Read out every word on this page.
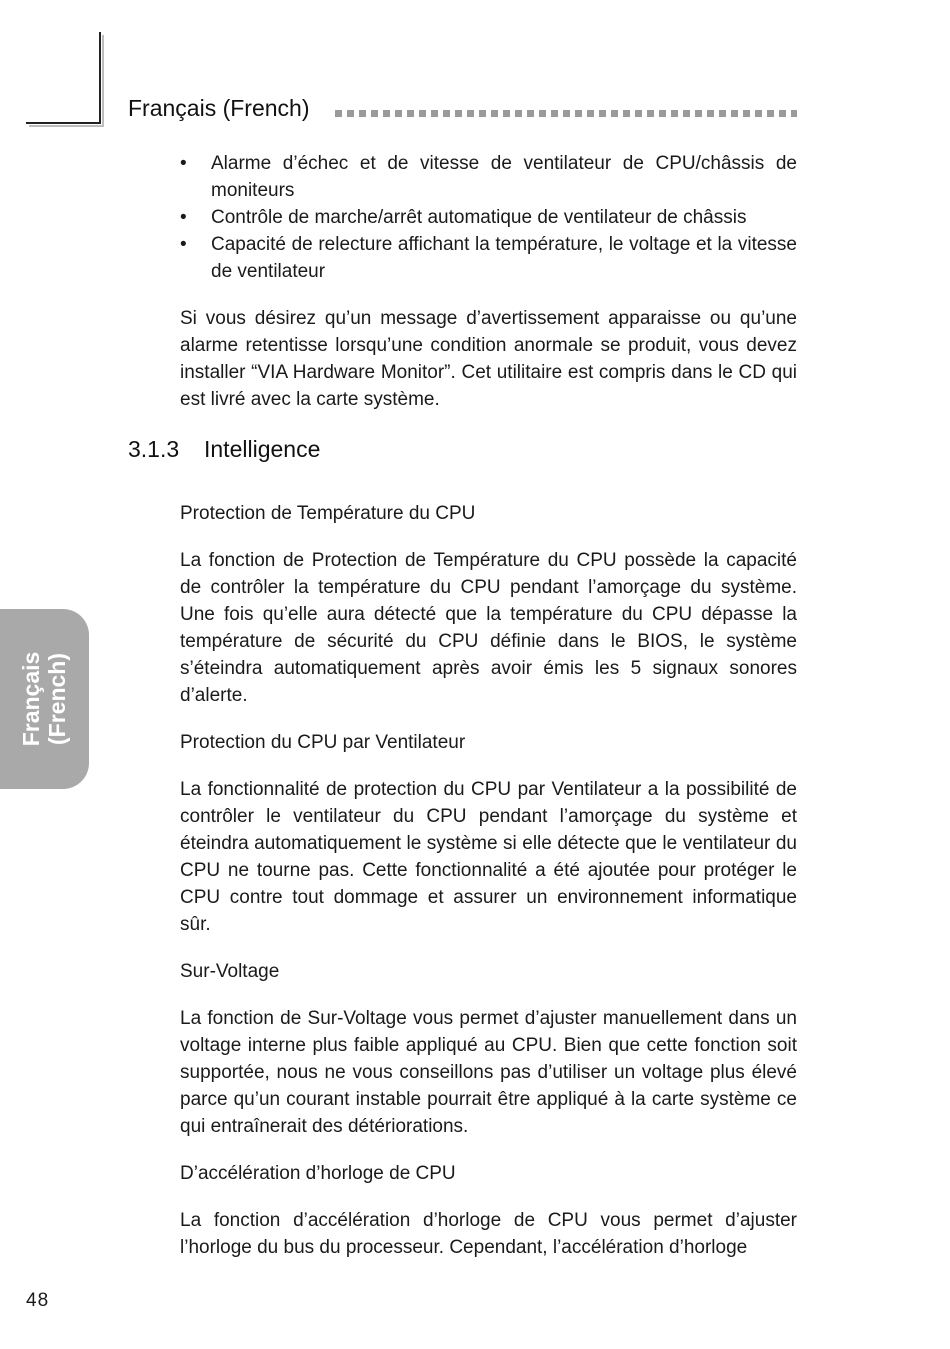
Français (French)
Français (French)
• Alarme d’échec et de vitesse de ventilateur de CPU/châssis de moniteurs
• Contrôle de marche/arrêt automatique de ventilateur de châssis
• Capacité de relecture affichant la température, le voltage et la vitesse de ventilateur

Si vous désirez qu’un message d’avertissement apparaisse ou qu’une alarme retentisse lorsqu’une condition anormale se produit, vous devez installer “VIA Hardware Monitor”. Cet utilitaire est compris dans le CD qui est livré avec la carte système.

Protection de Température du CPU

La fonction de Protection de Température du CPU possède la capacité de contrôler la température du CPU pendant l’amorçage du système. Une fois qu’elle aura détecté que la température du CPU dépasse la température de sécurité du CPU définie dans le BIOS, le système s’éteindra automatiquement après avoir émis les 5 signaux sonores d’alerte.

Protection du CPU par Ventilateur

La fonctionnalité de protection du CPU par Ventilateur a la possibilité de contrôler le ventilateur du CPU pendant l’amorçage du système et éteindra automatiquement le système si elle détecte que le ventilateur du CPU ne tourne pas. Cette fonctionnalité a été ajoutée pour protéger le CPU contre tout dommage et assurer un environnement informatique sûr.

Sur-Voltage

La fonction de Sur-Voltage vous permet d’ajuster manuellement dans un voltage interne plus faible appliqué au CPU. Bien que cette fonction soit supportée, nous ne vous conseillons pas d’utiliser un voltage plus élevé parce qu’un courant instable pourrait être appliqué à la carte système ce qui entraînerait des détériorations.

D’accélération d’horloge de CPU

La fonction d’accélération d’horloge de CPU vous permet d’ajuster l’horloge du bus du processeur. Cependant, l’accélération d’horloge

3.1.3 Intelligence
48
